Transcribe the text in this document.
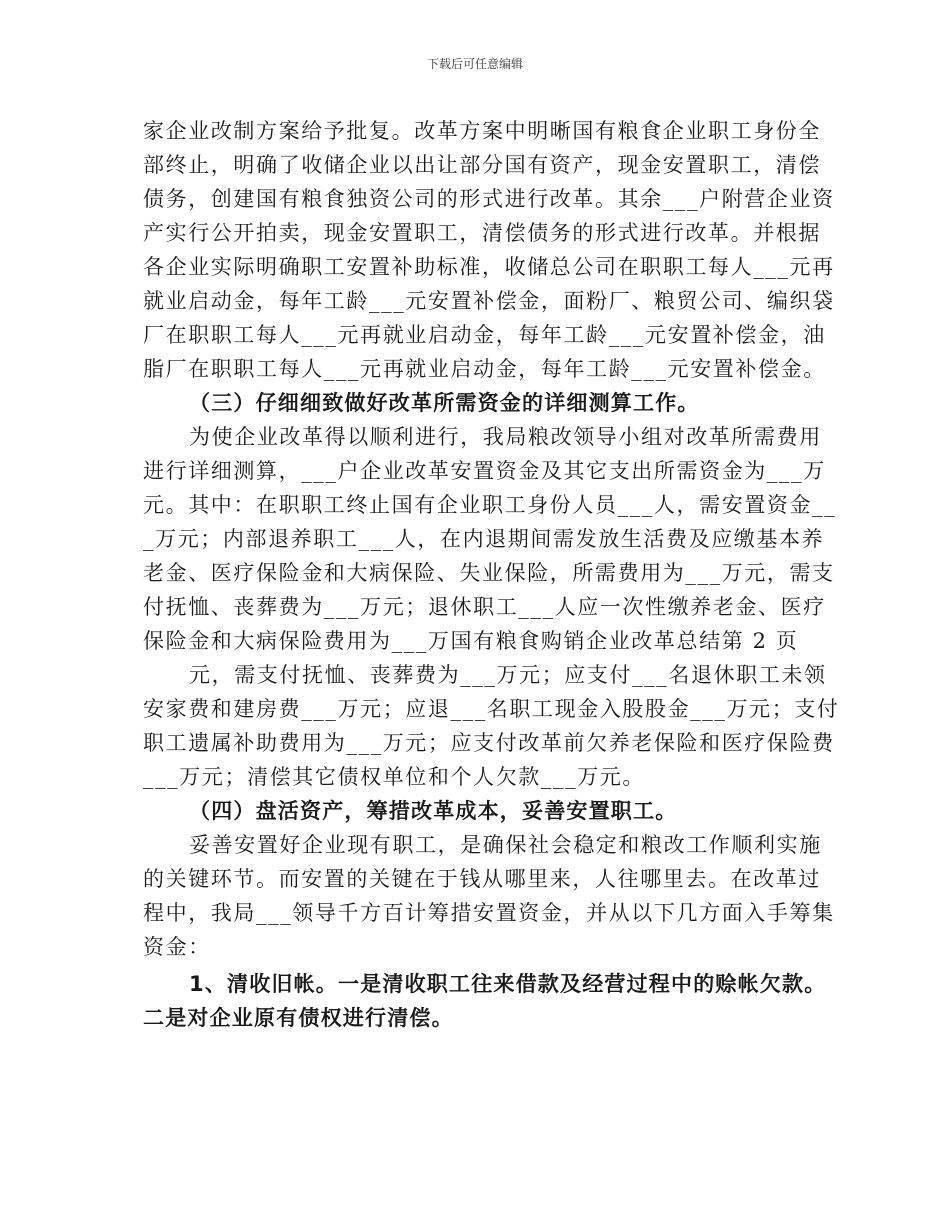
下载后可任意编辑
家企业改制方案给予批复。改革方案中明晰国有粮食企业职工身份全
部终止，明确了收储企业以出让部分国有资产，现金安置职工，清偿
债务，创建国有粮食独资公司的形式进行改革。其余___户附营企业资
产实行公开拍卖，现金安置职工，清偿债务的形式进行改革。并根据
各企业实际明确职工安置补助标准，收储总公司在职职工每人___元再
就业启动金，每年工龄___元安置补偿金，面粉厂、粮贸公司、编织袋
厂在职职工每人___元再就业启动金，每年工龄___元安置补偿金，油
脂厂在职职工每人___元再就业启动金，每年工龄___元安置补偿金。
（三）仔细细致做好改革所需资金的详细测算工作。
为使企业改革得以顺利进行，我局粮改领导小组对改革所需费用
进行详细测算，___户企业改革安置资金及其它支出所需资金为___万
元。其中：在职职工终止国有企业职工身份人员___人，需安置资金__
_万元；内部退养职工___人，在内退期间需发放生活费及应缴基本养
老金、医疗保险金和大病保险、失业保险，所需费用为___万元，需支
付抚恤、丧葬费为___万元；退休职工___人应一次性缴养老金、医疗
保险金和大病保险费用为___万国有粮食购销企业改革总结第 2 页
元，需支付抚恤、丧葬费为___万元；应支付___名退休职工未领
安家费和建房费___万元；应退___名职工现金入股股金___万元；支付
职工遗属补助费用为___万元；应支付改革前欠养老保险和医疗保险费
___万元；清偿其它债权单位和个人欠款___万元。
（四）盘活资产，筹措改革成本，妥善安置职工。
妥善安置好企业现有职工，是确保社会稳定和粮改工作顺利实施
的关键环节。而安置的关键在于钱从哪里来，人往哪里去。在改革过
程中，我局___领导千方百计筹措安置资金，并从以下几方面入手筹集
资金：
1、清收旧帐。一是清收职工往来借款及经营过程中的赊帐欠款。
二是对企业原有债权进行清偿。
